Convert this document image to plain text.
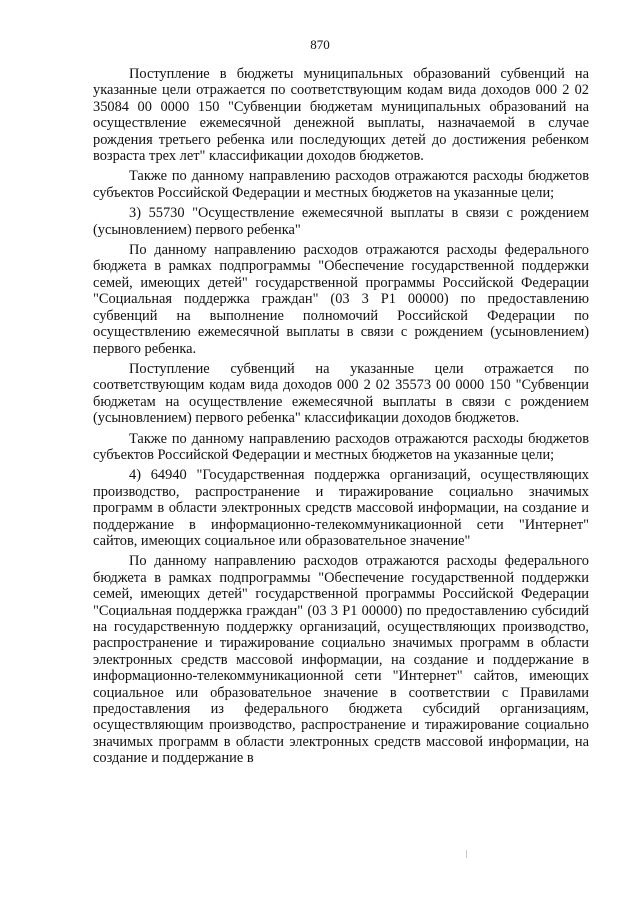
870

Поступление в бюджеты муниципальных образований субвенций на указанные цели отражается по соответствующим кодам вида доходов 000 2 02 35084 00 0000 150 "Субвенции бюджетам муниципальных образований на осуществление ежемесячной денежной выплаты, назначаемой в случае рождения третьего ребенка или последующих детей до достижения ребенком возраста трех лет" классификации доходов бюджетов.

Также по данному направлению расходов отражаются расходы бюджетов субъектов Российской Федерации и местных бюджетов на указанные цели;

3) 55730 "Осуществление ежемесячной выплаты в связи с рождением (усыновлением) первого ребенка"

По данному направлению расходов отражаются расходы федерального бюджета в рамках подпрограммы "Обеспечение государственной поддержки семей, имеющих детей" государственной программы Российской Федерации "Социальная поддержка граждан" (03 3 P1 00000) по предоставлению субвенций на выполнение полномочий Российской Федерации по осуществлению ежемесячной выплаты в связи с рождением (усыновлением) первого ребенка.

Поступление субвенций на указанные цели отражается по соответствующим кодам вида доходов 000 2 02 35573 00 0000 150 "Субвенции бюджетам на осуществление ежемесячной выплаты в связи с рождением (усыновлением) первого ребенка" классификации доходов бюджетов.

Также по данному направлению расходов отражаются расходы бюджетов субъектов Российской Федерации и местных бюджетов на указанные цели;

4) 64940 "Государственная поддержка организаций, осуществляющих производство, распространение и тиражирование социально значимых программ в области электронных средств массовой информации, на создание и поддержание в информационно-телекоммуникационной сети "Интернет" сайтов, имеющих социальное или образовательное значение"

По данному направлению расходов отражаются расходы федерального бюджета в рамках подпрограммы "Обеспечение государственной поддержки семей, имеющих детей" государственной программы Российской Федерации "Социальная поддержка граждан" (03 3 P1 00000) по предоставлению субсидий на государственную поддержку организаций, осуществляющих производство, распространение и тиражирование социально значимых программ в области электронных средств массовой информации, на создание и поддержание в информационно-телекоммуникационной сети "Интернет" сайтов, имеющих социальное или образовательное значение в соответствии с Правилами предоставления из федерального бюджета субсидий организациям, осуществляющим производство, распространение и тиражирование социально значимых программ в области электронных средств массовой информации, на создание и поддержание в
